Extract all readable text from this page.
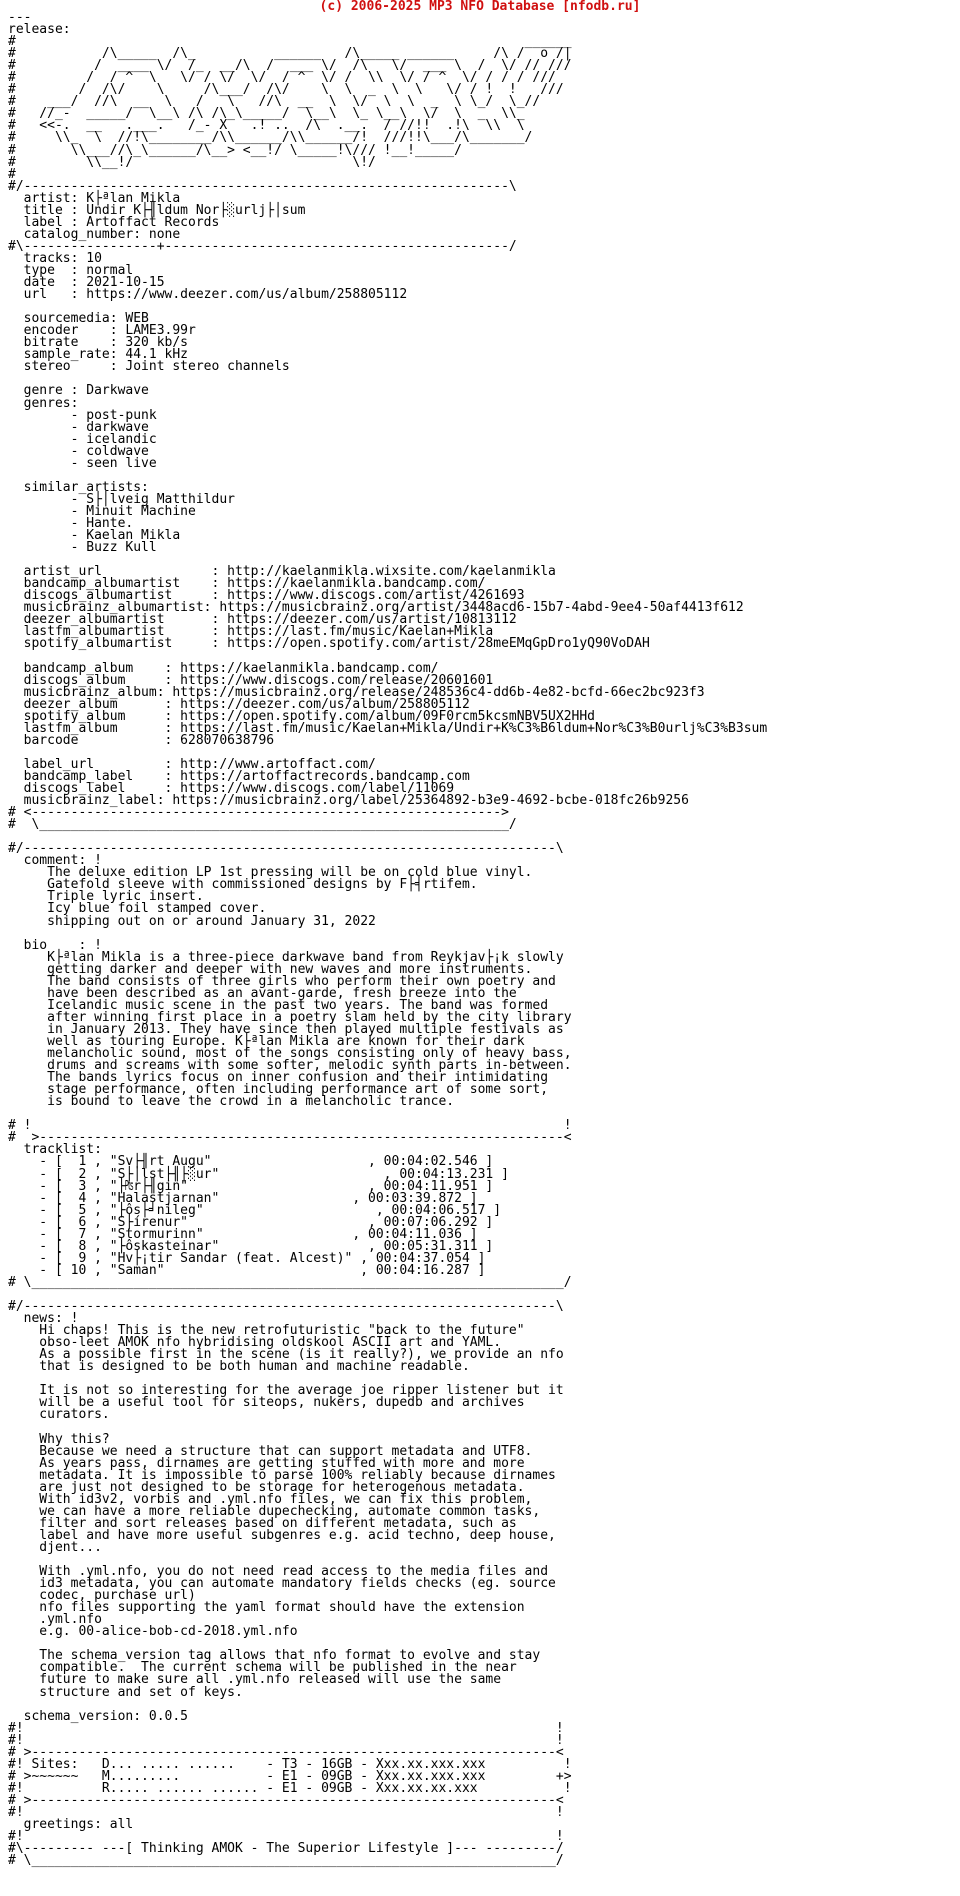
(c) 2006-2025 MP3 NFO Database [nfodb.ru]
---
release:
#                                                                 ______
#           /\_____  /\_          ______   /\_____ ______     /\ /  o /|
#          /  ____ \/  /_  __/\  /  ___ \/  /\   \/  ___ \  /  \/ // ///
#         /  / ^  \   \/ / \/  \/  / ^  \/ /  \\  \/ / ^  \/ / / / ///
#        /  /\/    \     /\___/  /\/    \  \  _  \  \   \/ / !  !   ///
#    ___/  //\  __  \   /   \   //\  __  \  \/  \  \  _  \ \_/  \_//
#   //_-  _____/  \__\ /\ /\_\_____/  \__\  \_ \__\  \/  \  _  \\_
#   <<-.  __   .___.   /_- X   .! ..  /\  .__.  / //!!  .!\  \\  \
#     \\_  \  //!\________/\\______/\\______/!  ///!!\___/\_______/
#       \\___//\_\______/\__> <__!/ \_____!\/// !__!_____/
#         \\__!/                            \!/
#
#/--------------------------------------------------------------\
artist: K├ªlan Mikla
title : Undir K├╢ldum Nor├░urlj├│sum
label : Artoffact Records
catalog_number: none
#\-----------------+--------------------------------------------/
tracks: 10
type  : normal
date  : 2021-10-15
url   : https://www.deezer.com/us/album/258805112

sourcemedia: WEB
encoder    : LAME3.99r
bitrate    : 320 kb/s
sample_rate: 44.1 kHz
stereo     : Joint stereo channels

genre : Darkwave
genres:
- post-punk
- darkwave
- icelandic
- coldwave
- seen live

similar_artists:
- S├│lveig Matthildur
- Minuit Machine
- Hante.
- Kaelan Mikla
- Buzz Kull

artist_url              : http://kaelanmikla.wixsite.com/kaelanmikla
bandcamp_albumartist    : https://kaelanmikla.bandcamp.com/
discogs_albumartist     : https://www.discogs.com/artist/4261693
musicbrainz_albumartist: https://musicbrainz.org/artist/3448acd6-15b7-4abd-9ee4-50af4413f612
deezer_albumartist      : https://deezer.com/us/artist/10813112
lastfm_albumartist      : https://last.fm/music/Kaelan+Mikla
spotify_albumartist     : https://open.spotify.com/artist/28meEMqGpDro1yQ90VoDAH

bandcamp_album    : https://kaelanmikla.bandcamp.com/
discogs_album     : https://www.discogs.com/release/20601601
musicbrainz_album: https://musicbrainz.org/release/248536c4-dd6b-4e82-bcfd-66ec2bc923f3
deezer_album      : https://deezer.com/us/album/258805112
spotify_album     : https://open.spotify.com/album/09F0rcm5kcsmNBV5UX2HHd
lastfm_album      : https://last.fm/music/Kaelan+Mikla/Undir+K%C3%B6ldum+Nor%C3%B0urlj%C3%B3sum
barcode           : 628070638796

label_url         : http://www.artoffact.com/
bandcamp_label    : https://artoffactrecords.bandcamp.com
discogs_label     : https://www.discogs.com/label/11069
musicbrainz_label: https://musicbrainz.org/label/25364892-b3e9-4692-bcbe-018fc26b9256
# <------------------------------------------------------------>
#  \____________________________________________________________/

#/--------------------------------------------------------------------\
comment: !
The deluxe edition LP 1st pressing will be on cold blue vinyl.
Gatefold sleeve with commissioned designs by F├╡rtifem.
Triple lyric insert.
Icy blue foil stamped cover.
shipping out on or around January 31, 2022

bio    : !
K├ªlan Mikla is a three-piece darkwave band from Reykjav├¡k slowly
getting darker and deeper with new waves and more instruments.
The band consists of three girls who perform their own poetry and
have been described as an avant-garde, fresh breeze into the
Icelandic music scene in the past two years. The band was formed
after winning first place in a poetry slam held by the city library
in January 2013. They have since then played multiple festivals as
well as touring Europe. K├ªlan Mikla are known for their dark
melancholic sound, most of the songs consisting only of heavy bass,
drums and screams with some softer, melodic synth parts in-between.
The bands lyrics focus on inner confusion and their intimidating
stage performance, often including performance art of some sort,
is bound to leave the crowd in a melancholic trance.

# !                                                                    !
#  >-------------------------------------------------------------------<
tracklist:
- [  1 , "Sv├╢rt Augu"                    , 00:04:02.546 ]
- [  2 , "S├│lst├╢├░ur"                     , 00:04:13.231 ]
- [  3 , "├₧r├╢gin"                       , 00:04:11.951 ]
- [  4 , "Halastjarnan"                 , 00:03:39.872 ]
- [  5 , "├ôs├╛nileg"                      , 00:04:06.517 ]
- [  6 , "S├írenur"                       , 00:07:06.292 ]
- [  7 , "Stormurinn"                   , 00:04:11.036 ]
- [  8 , "├ôskasteinar"                   , 00:05:31.311 ]
- [  9 , "Hv├¡tir Sandar (feat. Alcest)" , 00:04:37.054 ]
- [ 10 , "Saman"                         , 00:04:16.287 ]
# \____________________________________________________________________/

#/--------------------------------------------------------------------\
news: !
Hi chaps! This is the new retrofuturistic "back to the future"
obso-leet AMOK nfo hybridising oldskool ASCII art and YAML.
As a possible first in the scene (is it really?), we provide an nfo
that is designed to be both human and machine readable.

It is not so interesting for the average joe ripper listener but it
will be a useful tool for siteops, nukers, dupedb and archives
curators.

Why this?
Because we need a structure that can support metadata and UTF8.
As years pass, dirnames are getting stuffed with more and more
metadata. It is impossible to parse 100% reliably because dirnames
are just not designed to be storage for heterogenous metadata.
With id3v2, vorbis and .yml.nfo files, we can fix this problem,
we can have a more reliable dupechecking, automate common tasks,
filter and sort releases based on different metadata, such as
label and have more useful subgenres e.g. acid techno, deep house,
djent...

With .yml.nfo, you do not need read access to the media files and
id3 metadata, you can automate mandatory fields checks (eg. source
codec, purchase url)
nfo files supporting the yaml format should have the extension
.yml.nfo
e.g. 00-alice-bob-cd-2018.yml.nfo

The schema_version tag allows that nfo format to evolve and stay
compatible.  The current schema will be published in the near
future to make sure all .yml.nfo released will use the same
structure and set of keys.

schema_version: 0.0.5
#!                                                                    !
#!                                                                    !
# >-------------------------------------------------------------------<
#! Sites:   D... ..... ......    - T3 - 16GB - Xxx.xx.xxx.xxx          !
# >~~~~~~   M.........           - E1 - 09GB - Xxx.xx.xxx.xxx         +>
#!          R..... ...... ...... - E1 - 09GB - Xxx.xx.xx.xxx           !
# >-------------------------------------------------------------------<
#!                                                                    !
greetings: all
#!                                                                    !
#\--------- ---[ Thinking AMOK - The Superior Lifestyle ]--- ---------/
# \___________________________________________________________________/
